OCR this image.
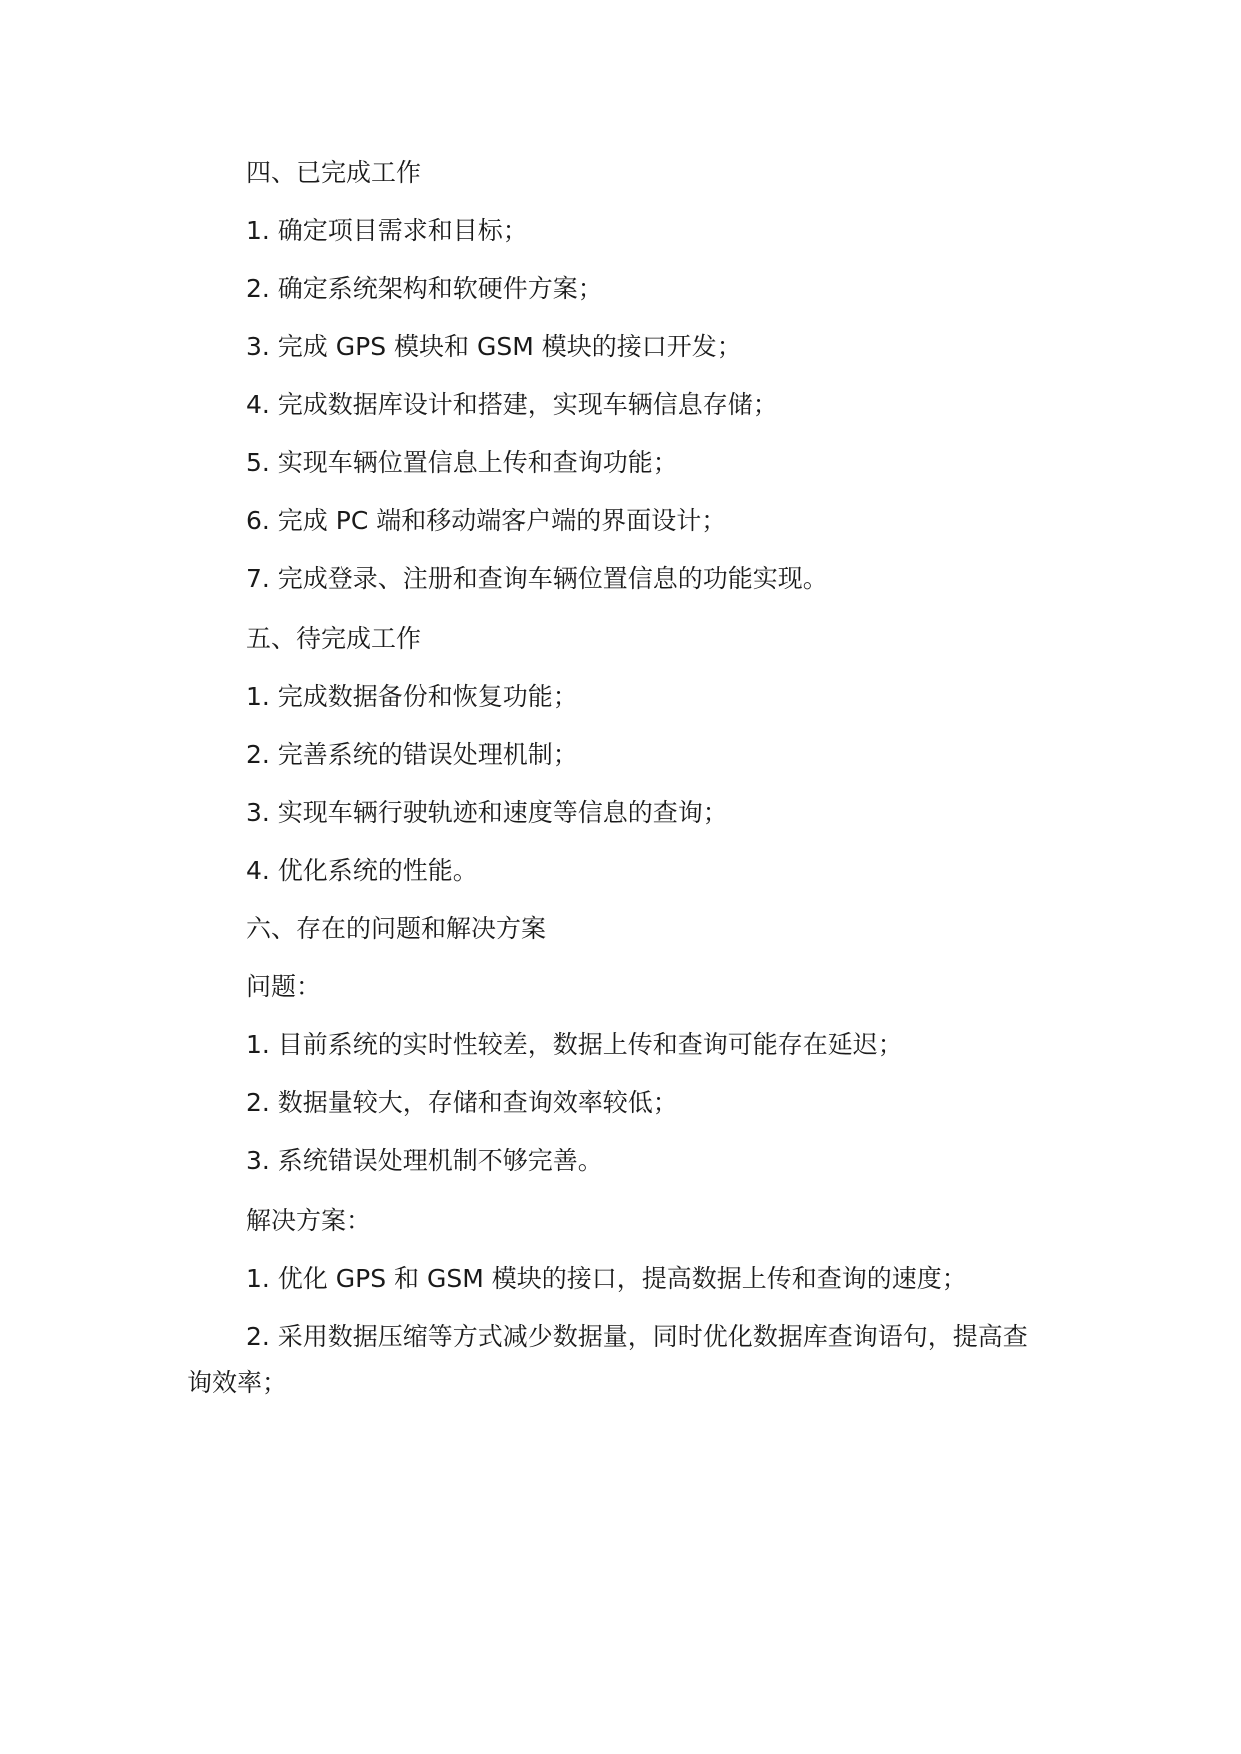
四、已完成工作

1. 确定项目需求和目标；

2. 确定系统架构和软硬件方案；

3. 完成 GPS 模块和 GSM 模块的接口开发；

4. 完成数据库设计和搭建，实现车辆信息存储；

5. 实现车辆位置信息上传和查询功能；

6. 完成 PC 端和移动端客户端的界面设计；

7. 完成登录、注册和查询车辆位置信息的功能实现。

五、待完成工作

1. 完成数据备份和恢复功能；

2. 完善系统的错误处理机制；

3. 实现车辆行驶轨迹和速度等信息的查询；

4. 优化系统的性能。

六、存在的问题和解决方案

问题：

1. 目前系统的实时性较差，数据上传和查询可能存在延迟；

2. 数据量较大，存储和查询效率较低；

3. 系统错误处理机制不够完善。

解决方案：

1. 优化 GPS 和 GSM 模块的接口，提高数据上传和查询的速度；

2. 采用数据压缩等方式减少数据量，同时优化数据库查询语句，提高查询效率；
